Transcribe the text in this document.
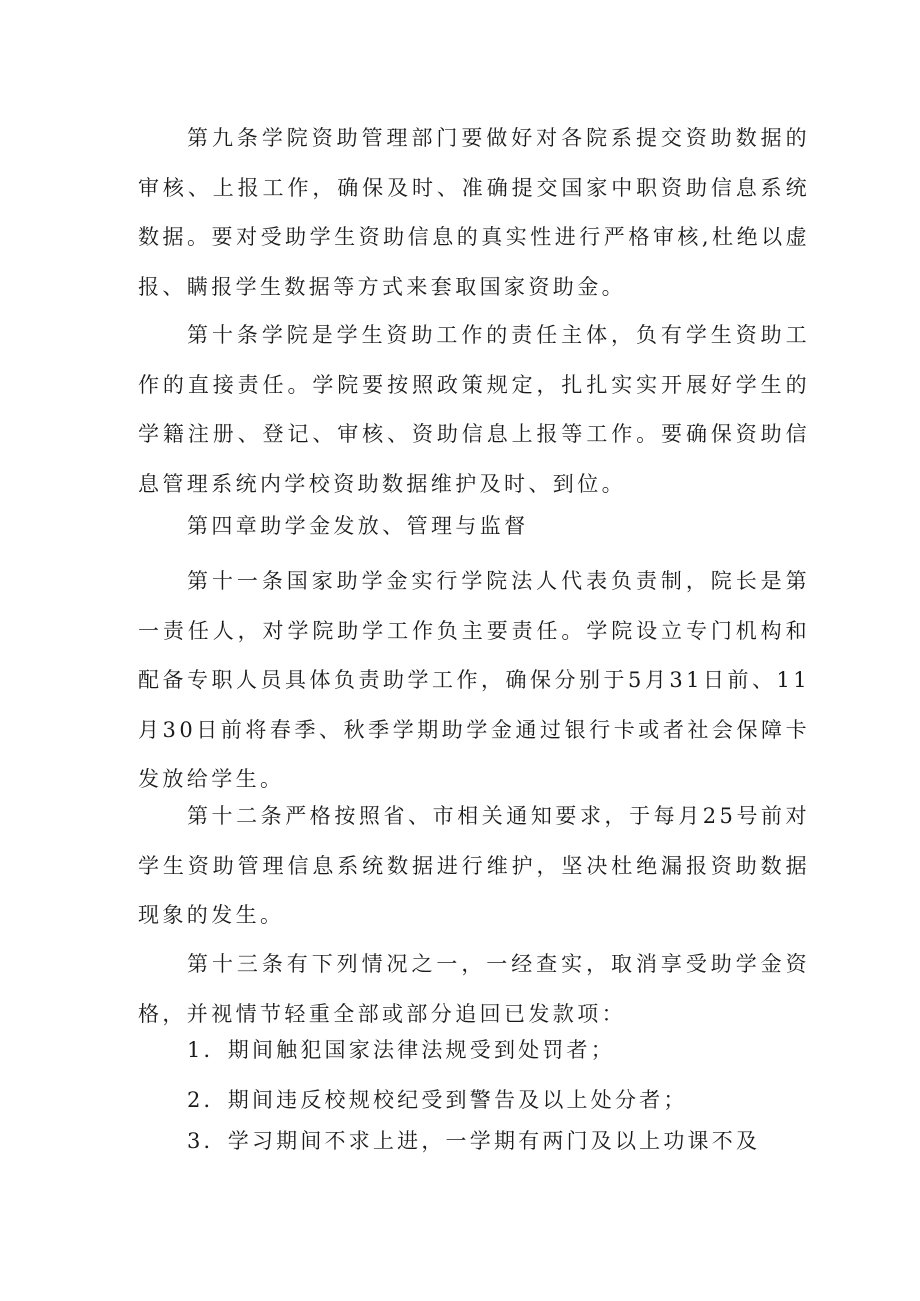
第九条学院资助管理部门要做好对各院系提交资助数据的审核、上报工作，确保及时、准确提交国家中职资助信息系统数据。要对受助学生资助信息的真实性进行严格审核,杜绝以虚报、瞒报学生数据等方式来套取国家资助金。

第十条学院是学生资助工作的责任主体，负有学生资助工作的直接责任。学院要按照政策规定，扎扎实实开展好学生的学籍注册、登记、审核、资助信息上报等工作。要确保资助信息管理系统内学校资助数据维护及时、到位。

第四章助学金发放、管理与监督

第十一条国家助学金实行学院法人代表负责制，院长是第一责任人，对学院助学工作负主要责任。学院设立专门机构和配备专职人员具体负责助学工作，确保分别于5月31日前、11月30日前将春季、秋季学期助学金通过银行卡或者社会保障卡发放给学生。

第十二条严格按照省、市相关通知要求，于每月25号前对学生资助管理信息系统数据进行维护，坚决杜绝漏报资助数据现象的发生。

第十三条有下列情况之一，一经查实，取消享受助学金资格，并视情节轻重全部或部分追回已发款项：

1．期间触犯国家法律法规受到处罚者；

2．期间违反校规校纪受到警告及以上处分者；

3．学习期间不求上进，一学期有两门及以上功课不及
